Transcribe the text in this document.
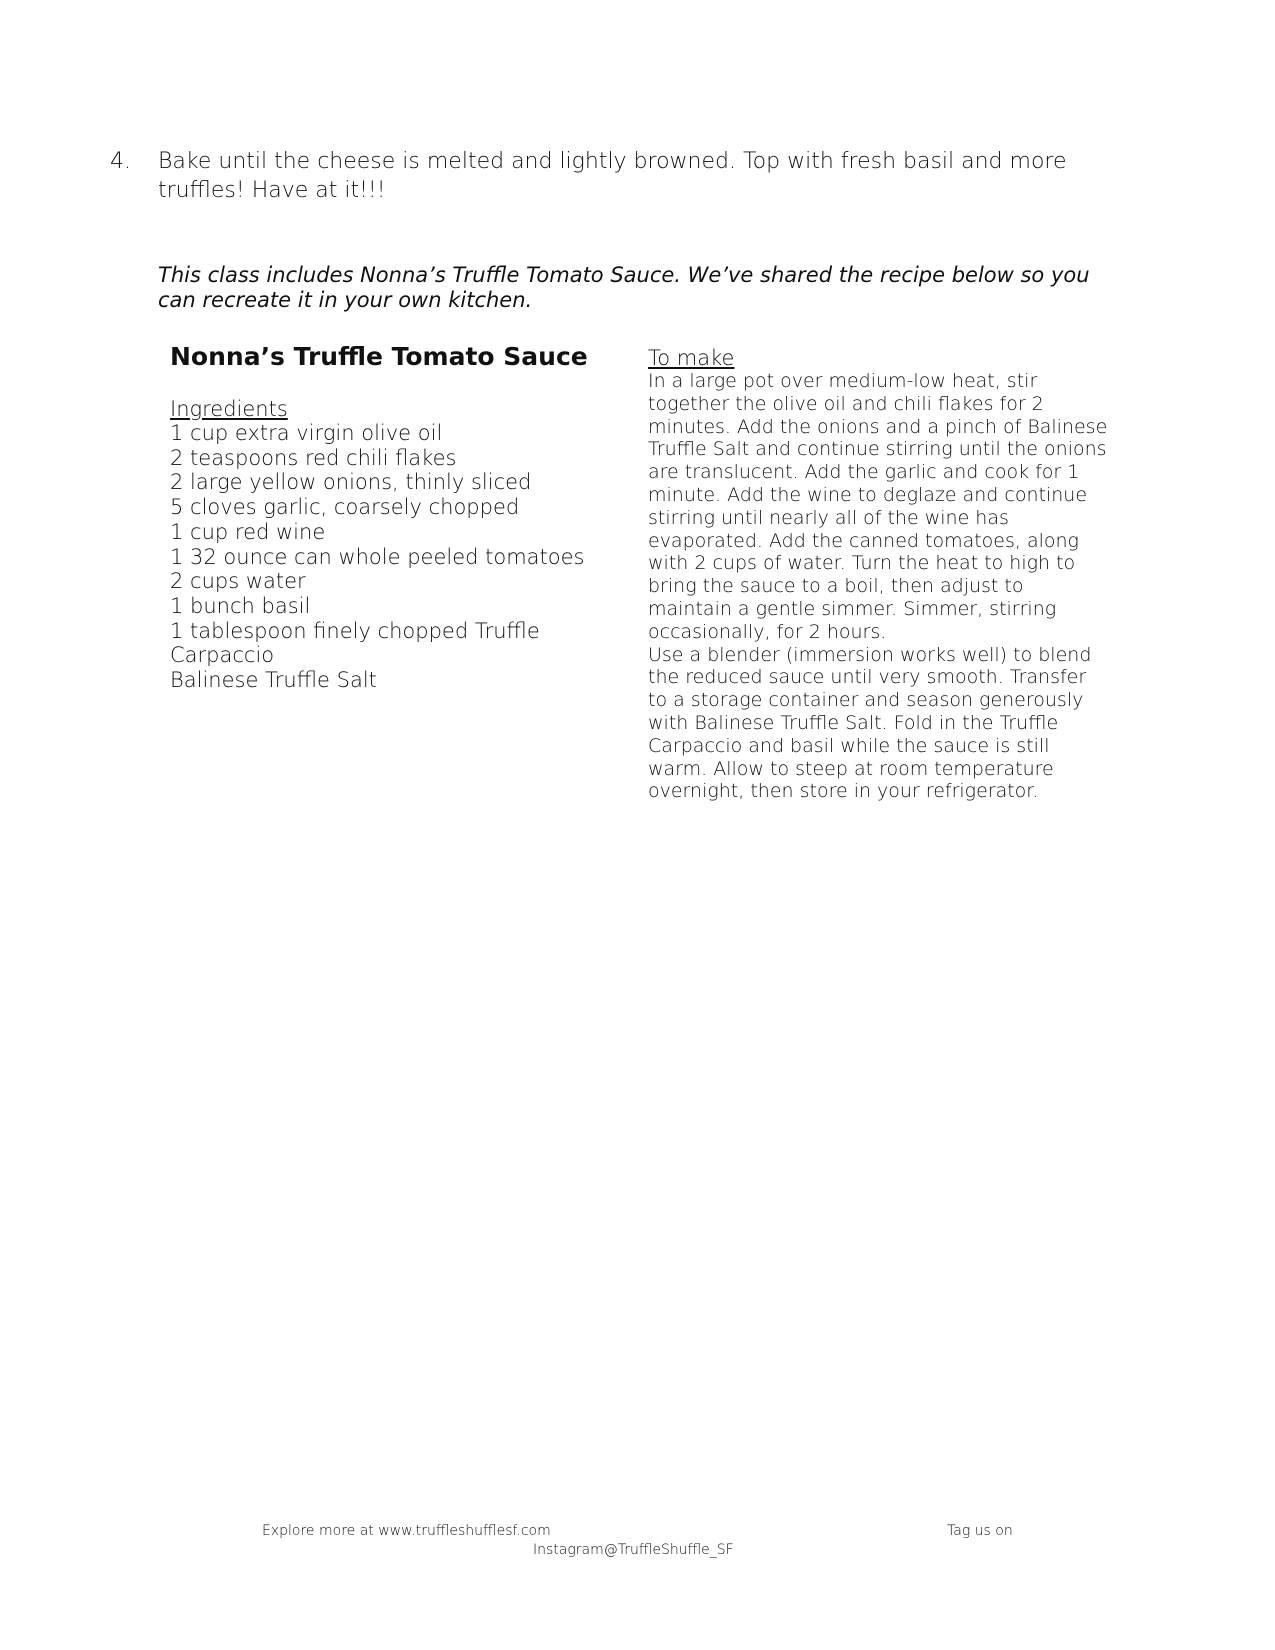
4.	Bake until the cheese is melted and lightly browned. Top with fresh basil and more truffles! Have at it!!!
This class includes Nonna’s Truffle Tomato Sauce. We’ve shared the recipe below so you can recreate it in your own kitchen.
Nonna’s Truffle Tomato Sauce
Ingredients
1 cup extra virgin olive oil
2 teaspoons red chili flakes
2 large yellow onions, thinly sliced
5 cloves garlic, coarsely chopped
1 cup red wine
1 32 ounce can whole peeled tomatoes
2 cups water
1 bunch basil
1 tablespoon finely chopped Truffle Carpaccio
Balinese Truffle Salt
To make

In a large pot over medium-low heat, stir together the olive oil and chili flakes for 2 minutes. Add the onions and a pinch of Balinese Truffle Salt and continue stirring until the onions are translucent. Add the garlic and cook for 1 minute. Add the wine to deglaze and continue stirring until nearly all of the wine has evaporated. Add the canned tomatoes, along with 2 cups of water. Turn the heat to high to bring the sauce to a boil, then adjust to maintain a gentle simmer. Simmer, stirring occasionally, for 2 hours.

Use a blender (immersion works well) to blend the reduced sauce until very smooth. Transfer to a storage container and season generously with Balinese Truffle Salt. Fold in the Truffle Carpaccio and basil while the sauce is still warm. Allow to steep at room temperature overnight, then store in your refrigerator.

Explore more at www.truffleshufflesf.com	Tag us on
Instagram@TruffleShuffle_SF
